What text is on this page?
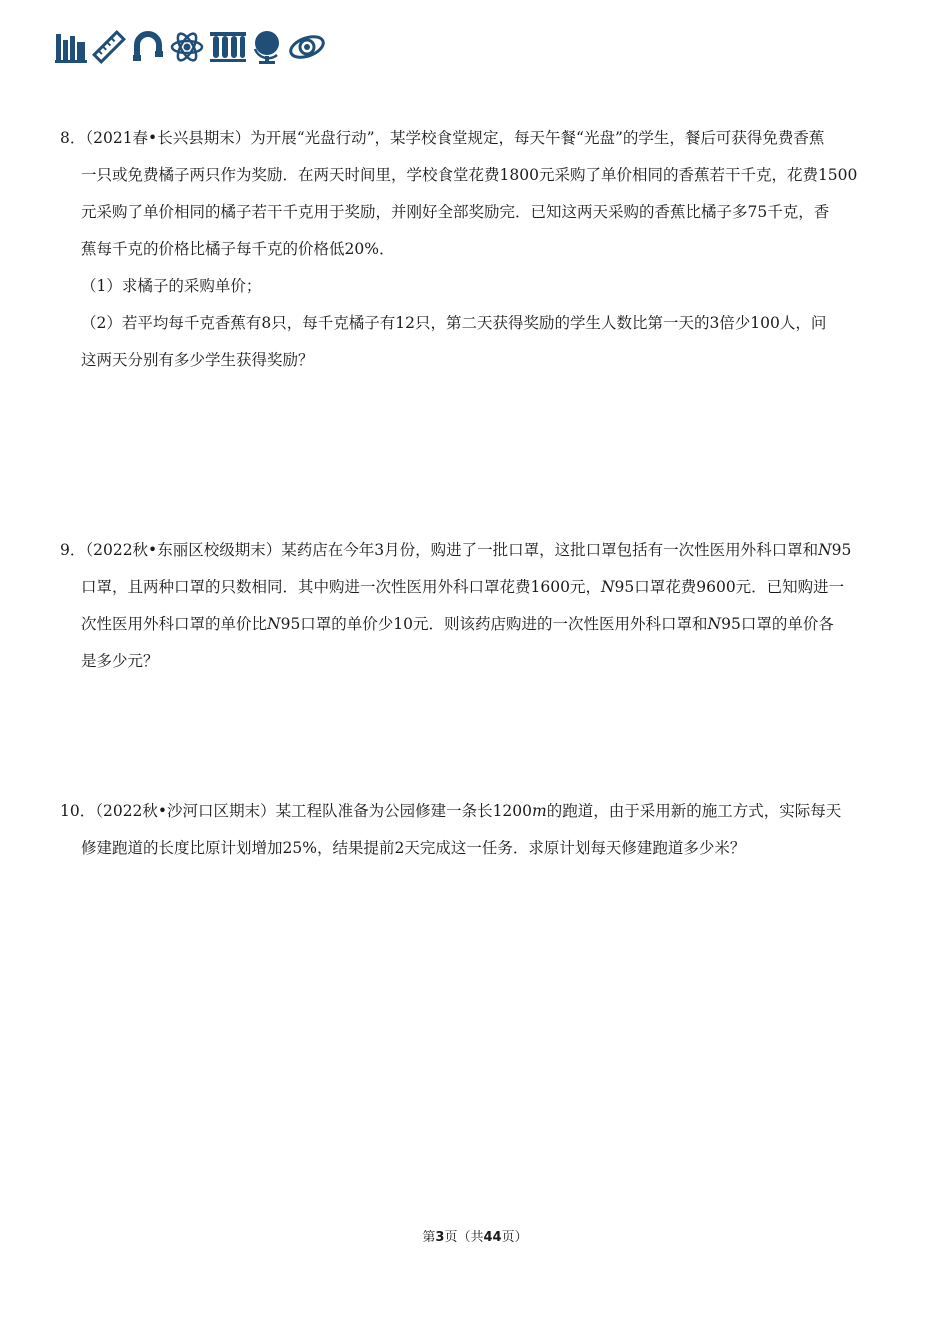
8．（2021春•长兴县期末）为开展“光盘行动”，某学校食堂规定，每天午餐“光盘”的学生，餐后可获得免费香蕉
一只或免费橘子两只作为奖励．在两天时间里，学校食堂花费1800元采购了单价相同的香蕉若干千克，花费1500
元采购了单价相同的橘子若干千克用于奖励，并刚好全部奖励完．已知这两天采购的香蕉比橘子多75千克，香
蕉每千克的价格比橘子每千克的价格低20%．
（1）求橘子的采购单价；
（2）若平均每千克香蕉有8只，每千克橘子有12只，第二天获得奖励的学生人数比第一天的3倍少100人，问
这两天分别有多少学生获得奖励？
9．（2022秋•东丽区校级期末）某药店在今年3月份，购进了一批口罩，这批口罩包括有一次性医用外科口罩和N95
口罩，且两种口罩的只数相同．其中购进一次性医用外科口罩花费1600元，N95口罩花费9600元．已知购进一
次性医用外科口罩的单价比N95口罩的单价少10元．则该药店购进的一次性医用外科口罩和N95口罩的单价各
是多少元？
10．（2022秋•沙河口区期末）某工程队准备为公园修建一条长1200m的跑道，由于采用新的施工方式，实际每天
修建跑道的长度比原计划增加25%，结果提前2天完成这一任务．求原计划每天修建跑道多少米？
第3页（共44页）
